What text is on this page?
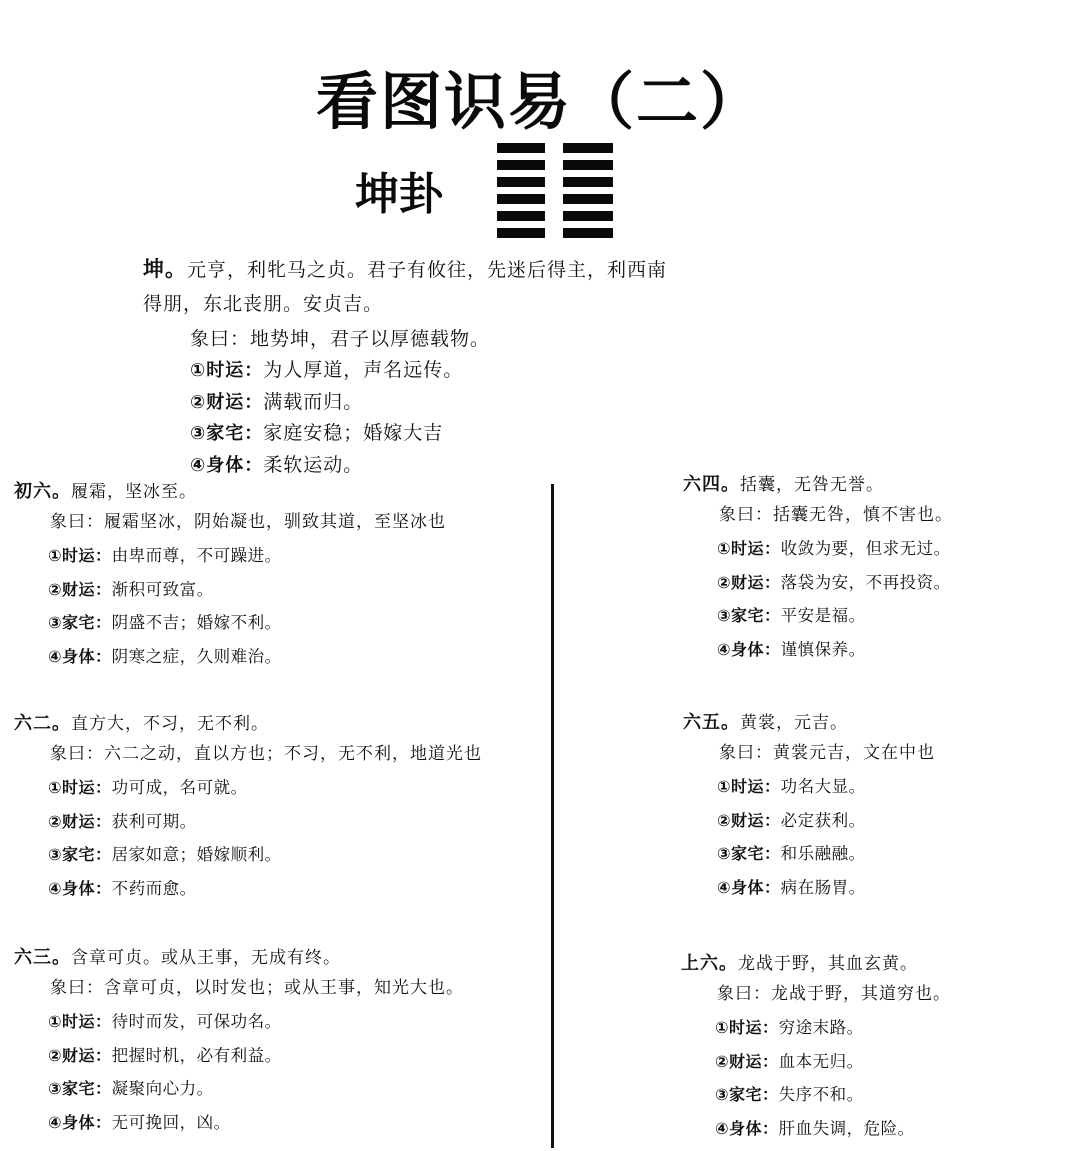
看图识易（二）
坤卦

坤。元亨，利牝马之贞。君子有攸往，先迷后得主，利西南
得朋，东北丧朋。安贞吉。

象曰：地势坤，君子以厚德载物。
①时运：为人厚道，声名远传。
②财运：满载而归。
③家宅：家庭安稳；婚嫁大吉
④身体：柔软运动。

初六。履霜，坚冰至。

象曰：履霜坚冰，阴始凝也，驯致其道，至坚冰也
①时运：由卑而尊，不可躁进。
②财运：渐积可致富。
③家宅：阴盛不吉；婚嫁不利。
④身体：阴寒之症，久则难治。

六二。直方大，不习，无不利。

象曰：六二之动，直以方也；不习，无不利，地道光也
①时运：功可成，名可就。
②财运：获利可期。
③家宅：居家如意；婚嫁顺利。
④身体：不药而愈。

六三。含章可贞。或从王事，无成有终。

象曰：含章可贞，以时发也；或从王事，知光大也。
①时运：待时而发，可保功名。
②财运：把握时机，必有利益。
③家宅：凝聚向心力。
④身体：无可挽回，凶。

六四。括囊，无咎无誉。

象曰：括囊无咎，慎不害也。
①时运：收敛为要，但求无过。
②财运：落袋为安，不再投资。
③家宅：平安是福。
④身体：谨慎保养。

六五。黄裳，元吉。

象曰：黄裳元吉，文在中也
①时运：功名大显。
②财运：必定获利。
③家宅：和乐融融。
④身体：病在肠胃。

上六。龙战于野，其血玄黄。

象曰：龙战于野，其道穷也。
①时运：穷途末路。
②财运：血本无归。
③家宅：失序不和。
④身体：肝血失调，危险。
